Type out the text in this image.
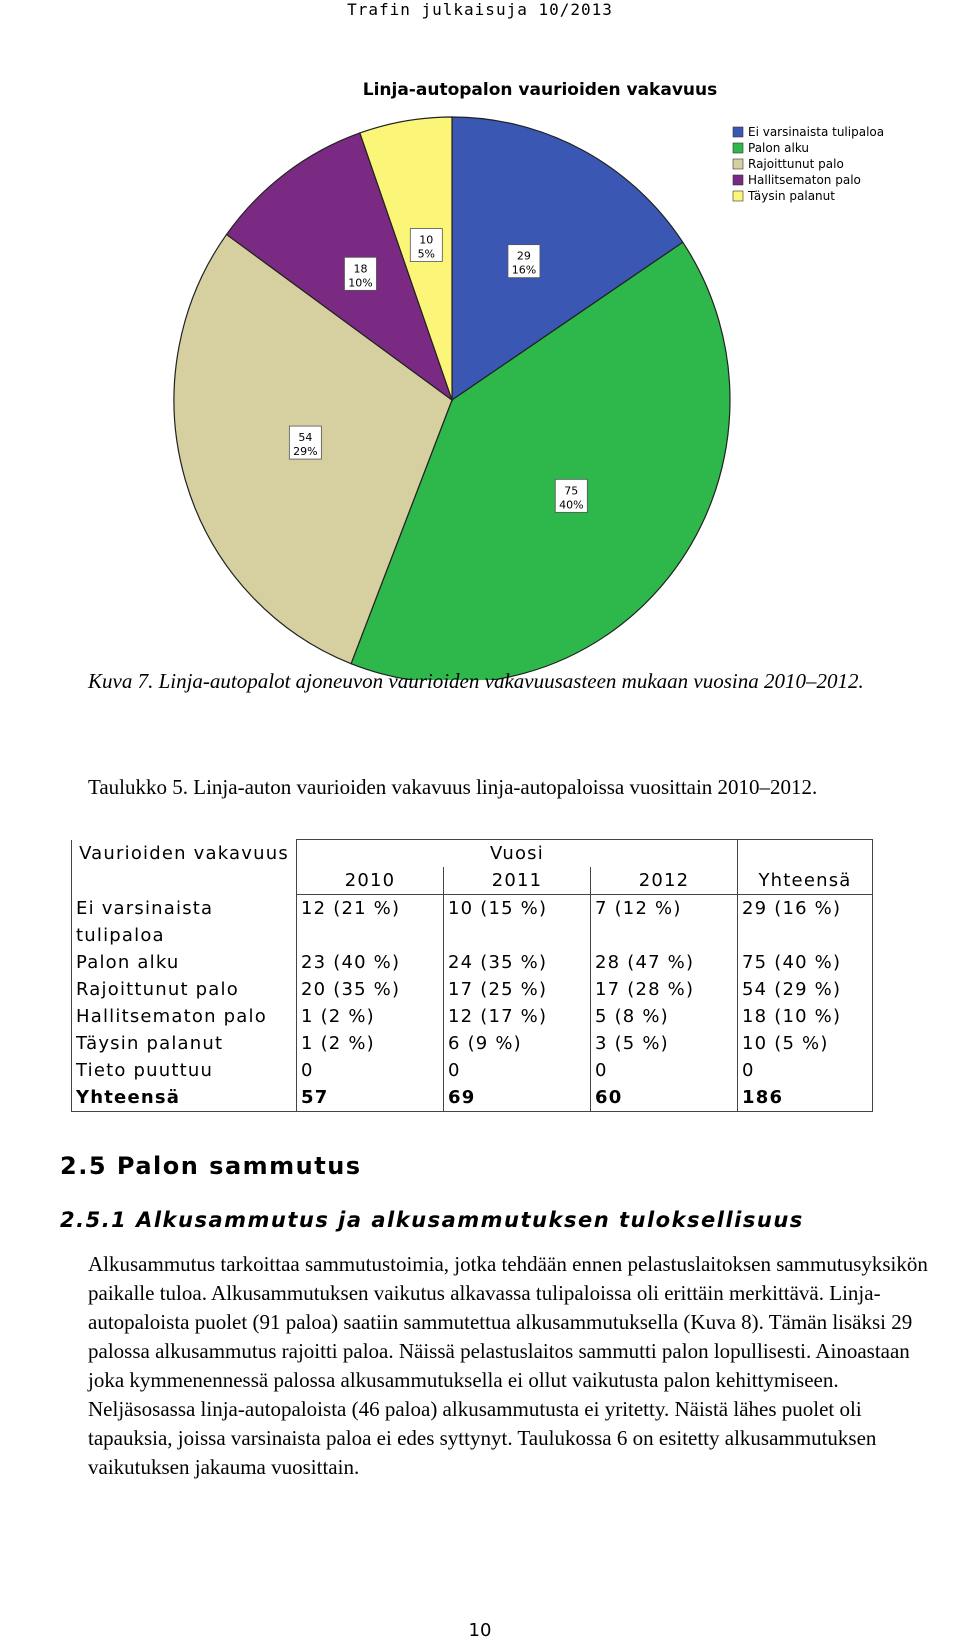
Trafin julkaisuja 10/2013
Linja-autopalon vaurioiden vakavuus
29
16%
75
40%
54
29%
18
10%
10
5%
Ei varsinaista tulipaloa
Palon alku
Rajoittunut palo
Hallitsematon palo
Täysin palanut
Kuva 7. Linja-autopalot ajoneuvon vaurioiden vakavuusasteen mukaan vuosina 2010–2012.
Taulukko 5. Linja-auton vaurioiden vakavuus linja-autopaloissa vuosittain 2010–2012.
Vaurioiden vakavuus	Vuosi			
	2010	2011	2012	Yhteensä
Ei varsinaista tulipaloa	12 (21 %)	10 (15 %)	7 (12 %)	29 (16 %)
Palon alku	23 (40 %)	24 (35 %)	28 (47 %)	75 (40 %)
Rajoittunut palo	20 (35 %)	17 (25 %)	17 (28 %)	54 (29 %)
Hallitsematon palo	1 (2 %)	12 (17 %)	5 (8 %)	18 (10 %)
Täysin palanut	1 (2 %)	6 (9 %)	3 (5 %)	10 (5 %)
Tieto puuttuu	0	0	0	0
Yhteensä	57	69	60	186
2.5 Palon sammutus
2.5.1 Alkusammutus ja alkusammutuksen tuloksellisuus

Alkusammutus tarkoittaa sammutustoimia, jotka tehdään ennen pelastuslaitoksen sammutusyksikön paikalle tuloa. Alkusammutuksen vaikutus alkavassa tulipaloissa oli erittäin merkittävä. Linja-autopaloista puolet (91 paloa) saatiin sammutettua alkusammutuksella (Kuva 8). Tämän lisäksi 29 palossa alkusammutus rajoitti paloa. Näissä pelastuslaitos sammutti palon lopullisesti. Ainoastaan joka kymmenennessä palossa alkusammutuksella ei ollut vaikutusta palon kehittymiseen. Neljäsosassa linja-autopaloista (46 paloa) alkusammutusta ei yritetty. Näistä lähes puolet oli tapauksia, joissa varsinaista paloa ei edes syttynyt. Taulukossa 6 on esitetty alkusammutuksen vaikutuksen jakauma vuosittain.

10
